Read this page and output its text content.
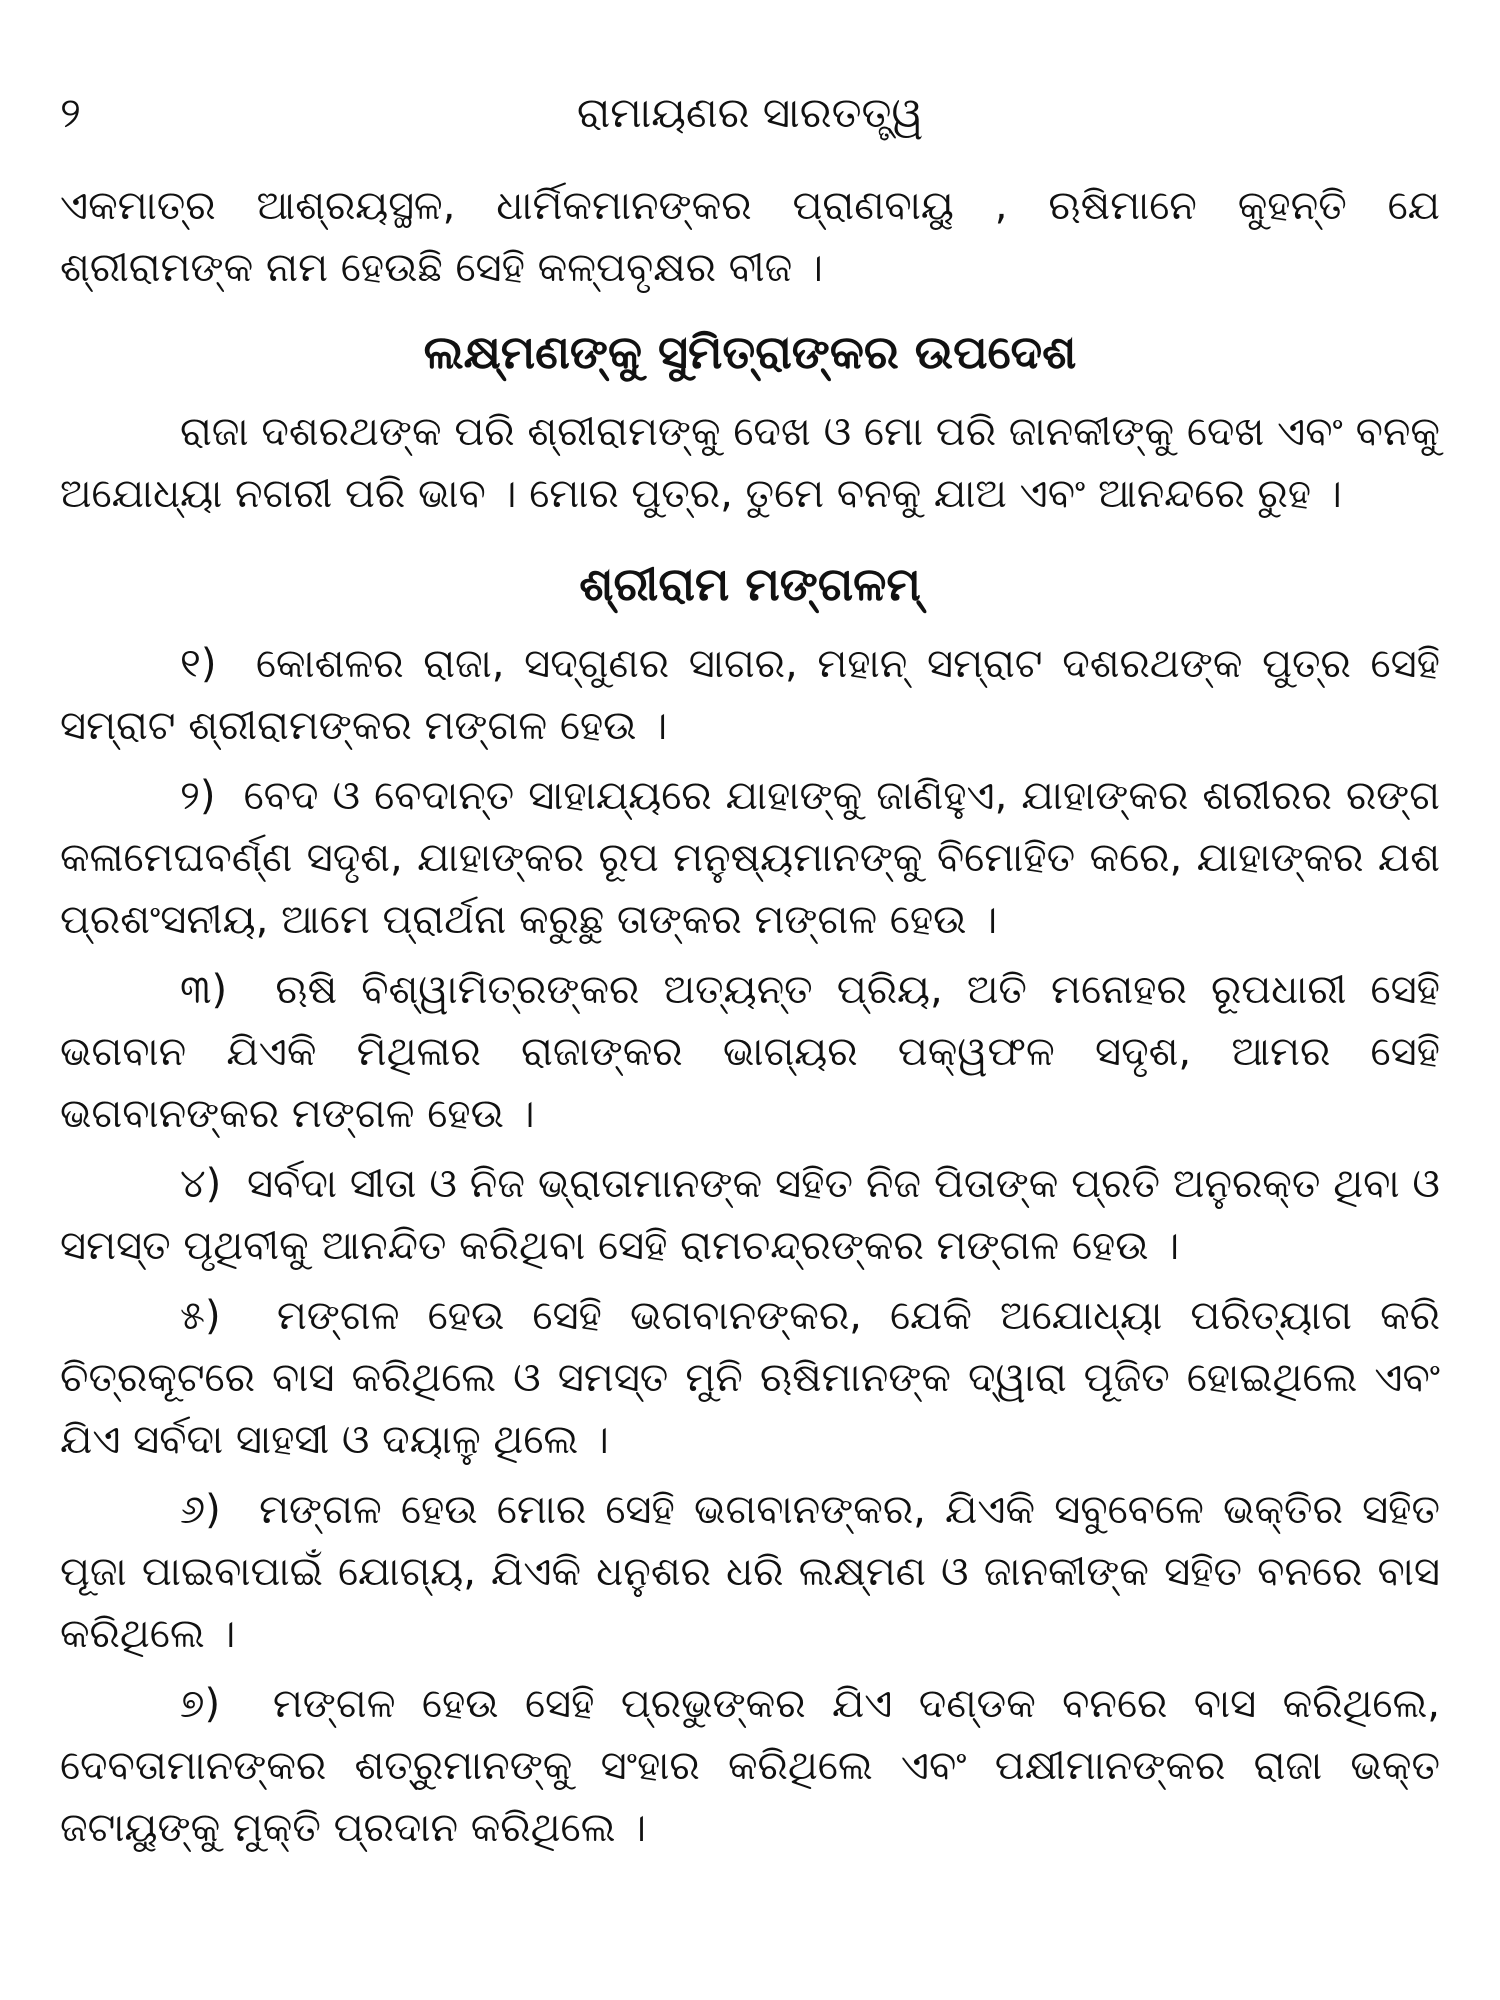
୨	ରାମାୟଣର ସାରତତ୍ତ୍ୱ

ଏକମାତ୍ର ଆଶ୍ରୟସ୍ଥଳ, ଧାର୍ମିକମାନଙ୍କର ପ୍ରାଣବାୟୁ , ଋଷିମାନେ କୁହନ୍ତି ଯେ ଶ୍ରୀରାମଙ୍କ ନାମ ହେଉଛି ସେହି କଳ୍ପବୃକ୍ଷର ବୀଜ ।

ଲକ୍ଷ୍ମଣଙ୍କୁ ସୁମିତ୍ରାଙ୍କର ଉପଦେଶ

ରାଜା ଦଶରଥଙ୍କ ପରି ଶ୍ରୀରାମଙ୍କୁ ଦେଖ ଓ ମୋ ପରି ଜାନକୀଙ୍କୁ ଦେଖ ଏବଂ ବନକୁ ଅଯୋଧ୍ୟା ନଗରୀ ପରି ଭାବ । ମୋର ପୁତ୍ର, ତୁମେ ବନକୁ ଯାଅ ଏବଂ ଆନନ୍ଦରେ ରୁହ ।

ଶ୍ରୀରାମ ମଙ୍ଗଳମ୍

୧) କୋଶଳର ରାଜା, ସଦ୍‌ଗୁଣର ସାଗର, ମହାନ୍ ସମ୍ରାଟ ଦଶରଥଙ୍କ ପୁତ୍ର ସେହି ସମ୍ରାଟ ଶ୍ରୀରାମଙ୍କର ମଙ୍ଗଳ ହେଉ ।

୨) ବେଦ ଓ ବେଦାନ୍ତ ସାହାଯ୍ୟରେ ଯାହାଙ୍କୁ ଜାଣିହୁଏ, ଯାହାଙ୍କର ଶରୀରର ରଙ୍ଗ କଳାମେଘବର୍ଣ୍ଣ ସଦୃଶ, ଯାହାଙ୍କର ରୂପ ମନୁଷ୍ୟମାନଙ୍କୁ ବିମୋହିତ କରେ, ଯାହାଙ୍କର ଯଶ ପ୍ରଶଂସନୀୟ, ଆମେ ପ୍ରାର୍ଥନା କରୁଛୁ ତାଙ୍କର ମଙ୍ଗଳ ହେଉ ।

୩) ଋଷି ବିଶ୍ୱାମିତ୍ରଙ୍କର ଅତ୍ୟନ୍ତ ପ୍ରିୟ, ଅତି ମନୋହର ରୂପଧାରୀ ସେହି ଭଗବାନ ଯିଏକି ମିଥିଳାର ରାଜାଙ୍କର ଭାଗ୍ୟର ପକ୍ୱଫଳ ସଦୃଶ, ଆମର ସେହି ଭଗବାନଙ୍କର ମଙ୍ଗଳ ହେଉ ।

୪) ସର୍ବଦା ସୀତା ଓ ନିଜ ଭ୍ରାତାମାନଙ୍କ ସହିତ ନିଜ ପିତାଙ୍କ ପ୍ରତି ଅନୁରକ୍ତ ଥିବା ଓ ସମସ୍ତ ପୃଥିବୀକୁ ଆନନ୍ଦିତ କରିଥିବା ସେହି ରାମଚନ୍ଦ୍ରଙ୍କର ମଙ୍ଗଳ ହେଉ ।

୫) ମଙ୍ଗଳ ହେଉ ସେହି ଭଗବାନଙ୍କର, ଯେକି ଅଯୋଧ୍ୟା ପରିତ୍ୟାଗ କରି ଚିତ୍ରକୂଟରେ ବାସ କରିଥିଲେ ଓ ସମସ୍ତ ମୁନି ଋଷିମାନଙ୍କ ଦ୍ୱାରା ପୂଜିତ ହୋଇଥିଲେ ଏବଂ ଯିଏ ସର୍ବଦା ସାହସୀ ଓ ଦୟାଳୁ ଥିଲେ ।

୬) ମଙ୍ଗଳ ହେଉ ମୋର ସେହି ଭଗବାନଙ୍କର, ଯିଏକି ସବୁବେଳେ ଭକ୍ତିର ସହିତ ପୂଜା ପାଇବାପାଇଁ ଯୋଗ୍ୟ, ଯିଏକି ଧନୁଶର ଧରି ଲକ୍ଷ୍ମଣ ଓ ଜାନକୀଙ୍କ ସହିତ ବନରେ ବାସ କରିଥିଲେ ।

୭) ମଙ୍ଗଳ ହେଉ ସେହି ପ୍ରଭୁଙ୍କର ଯିଏ ଦଣ୍ଡକ ବନରେ ବାସ କରିଥିଲେ, ଦେବତାମାନଙ୍କର ଶତ୍ରୁମାନଙ୍କୁ ସଂହାର କରିଥିଲେ ଏବଂ ପକ୍ଷୀମାନଙ୍କର ରାଜା ଭକ୍ତ ଜଟାୟୁଙ୍କୁ ମୁକ୍ତି ପ୍ରଦାନ କରିଥିଲେ ।
